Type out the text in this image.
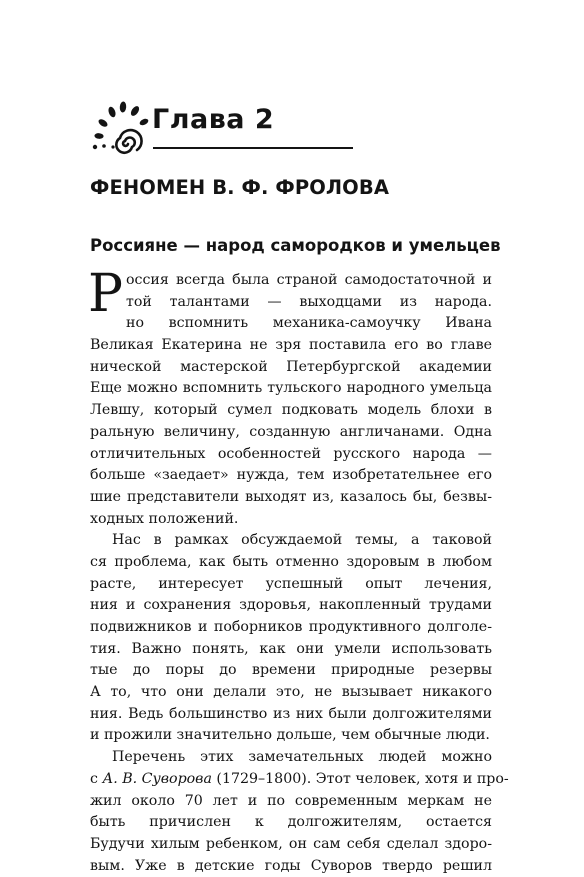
Глава 2
ФЕНОМЕН В. Ф. ФРОЛОВА
Россияне — народ самородков и умельцев
Р оссия всегда была страной самодостаточной и
той талантами — выходцами из народа.
но вспомнить механика-самоучку Ивана
Великая Екатерина не зря поставила его во главе
нической мастерской Петербургской академии
Еще можно вспомнить тульского народного умельца
Левшу, который сумел подковать модель блохи в
ральную величину, созданную англичанами. Одна
отличительных особенностей русского народа —
больше «заедает» нужда, тем изобретательнее его
шие представители выходят из, казалось бы, безвы-
ходных положений.
Нас в рамках обсуждаемой темы, а таковой
ся проблема, как быть отменно здоровым в любом
расте, интересует успешный опыт лечения,
ния и сохранения здоровья, накопленный трудами
подвижников и поборников продуктивного долголе-
тия. Важно понять, как они умели использовать
тые до поры до времени природные резервы
А то, что они делали это, не вызывает никакого
ния. Ведь большинство из них были долгожителями
и прожили значительно дольше, чем обычные люди.
Перечень этих замечательных людей можно
с А. В. Суворова (1729–1800). Этот человек, хотя и про-
жил около 70 лет и по современным меркам не
быть причислен к долгожителям, остается
Будучи хилым ребенком, он сам себя сделал здоро-
вым. Уже в детские годы Суворов твердо решил
